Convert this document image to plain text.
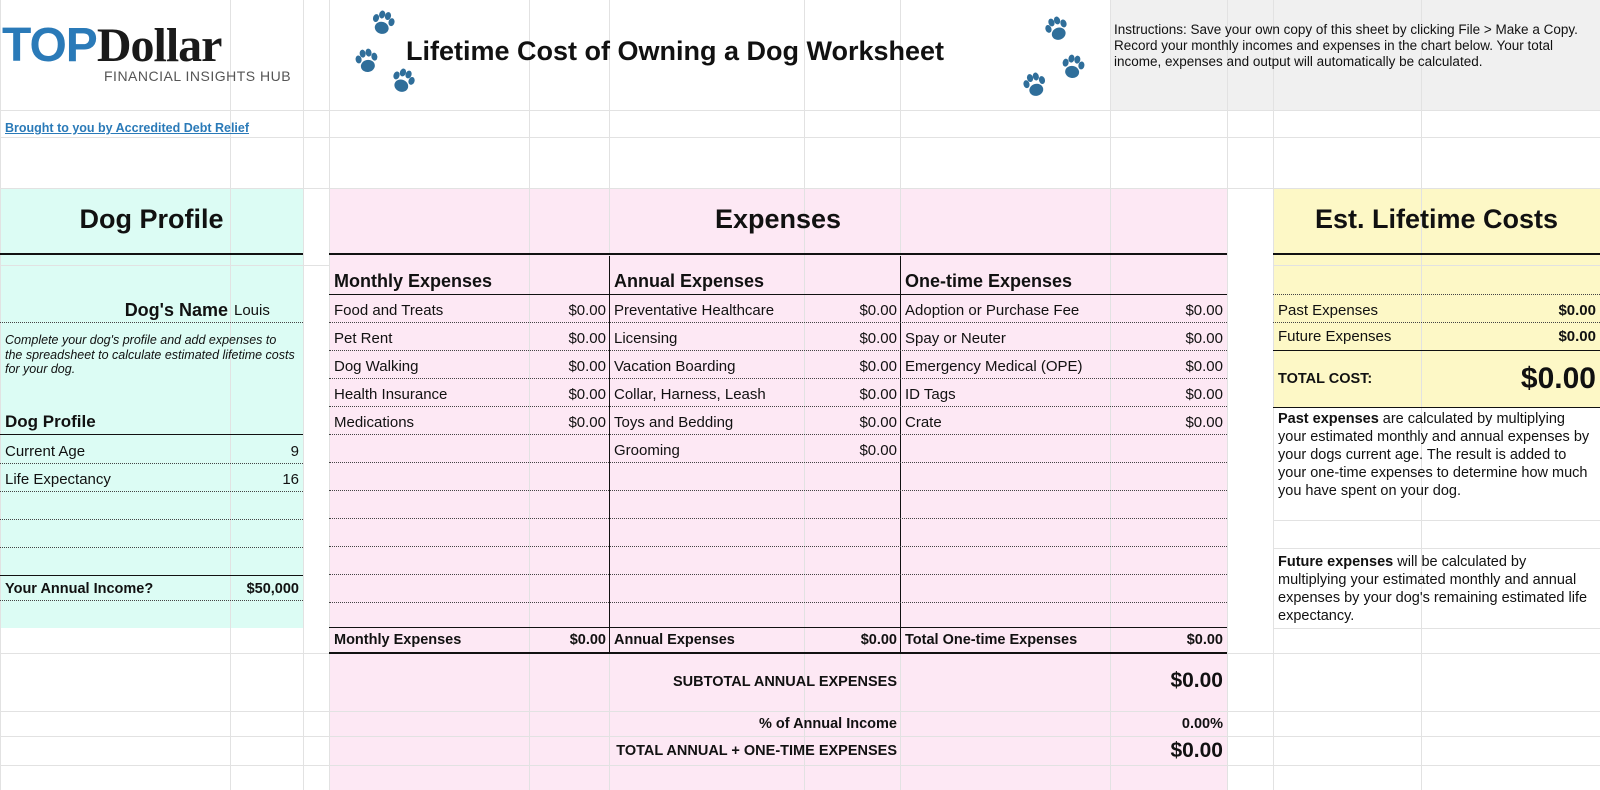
TOPDollar
FINANCIAL INSIGHTS HUB
Lifetime Cost of Owning a Dog Worksheet
Instructions: Save your own copy of this sheet by clicking File > Make a Copy. Record your monthly incomes and expenses in the chart below. Your total income, expenses and output will automatically be calculated.
Brought to you by Accredited Debt Relief
Dog Profile
Dog's Name Louis
Complete your dog's profile and add expenses to the spreadsheet to calculate estimated lifetime costs for your dog.
Dog Profile
Current Age	9
Life Expectancy	16
Your Annual Income?	$50,000
Expenses
Monthly Expenses	Annual Expenses	One-time Expenses
Food and Treats	$0.00
Pet Rent	$0.00
Dog Walking	$0.00
Health Insurance	$0.00
Medications	$0.00
Preventative Healthcare	$0.00
Licensing	$0.00
Vacation Boarding	$0.00
Collar, Harness, Leash	$0.00
Toys and Bedding	$0.00
Grooming	$0.00
Adoption or Purchase Fee	$0.00
Spay or Neuter	$0.00
Emergency Medical (OPE)	$0.00
ID Tags	$0.00
Crate	$0.00
Monthly Expenses	$0.00 Annual Expenses	$0.00 Total One-time Expenses	$0.00
SUBTOTAL ANNUAL EXPENSES	$0.00
% of Annual Income	0.00%
TOTAL ANNUAL + ONE-TIME EXPENSES	$0.00
Est. Lifetime Costs
Past Expenses	$0.00
Future Expenses	$0.00
TOTAL COST:	$0.00
Past expenses are calculated by multiplying your estimated monthly and annual expenses by your dogs current age. The result is added to your one-time expenses to determine how much you have spent on your dog.
Future expenses will be calculated by multiplying your estimated monthly and annual expenses by your dog's remaining estimated life expectancy.
